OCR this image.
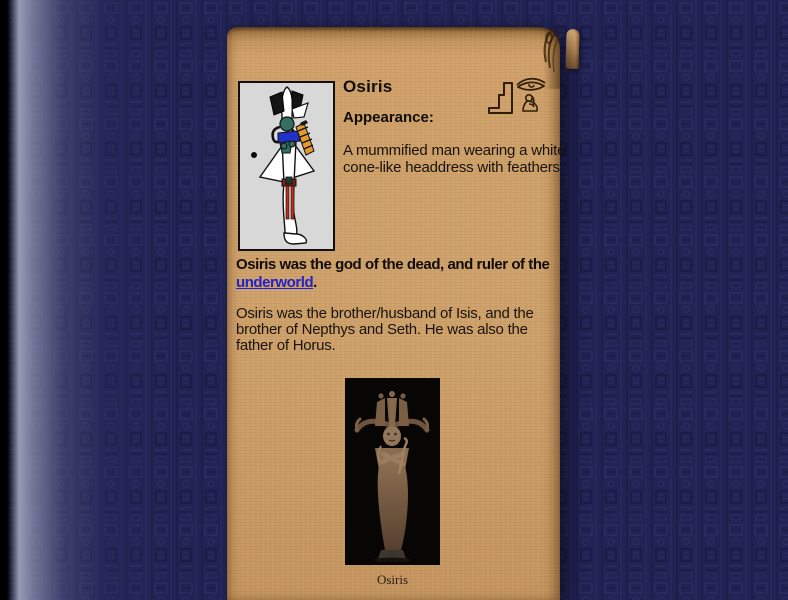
Osiris
Appearance:
A mummified man wearing a white
cone-like headdress with feathers
Osiris was the god of the dead, and ruler of the
underworld.
Osiris was the brother/husband of Isis, and the
brother of Nepthys and Seth. He was also the
father of Horus.
Osiris
